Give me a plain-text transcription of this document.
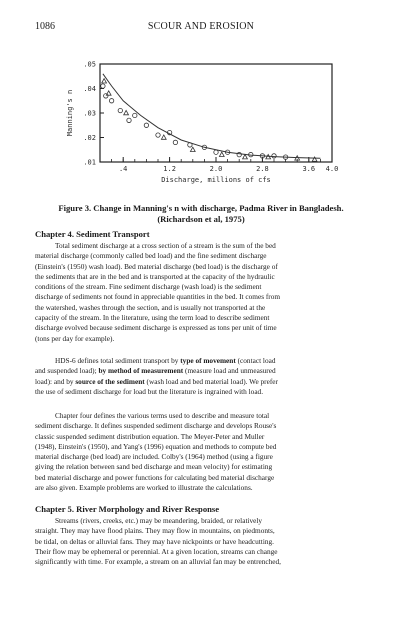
1086	SCOUR AND EROSION
.01
.02
.03
.04
.05
.4	1.2	2.0	2.8	3.6 4.0
Discharge, millions of cfs
Manning's n
Figure 3. Change in Manning's n with discharge, Padma River in Bangladesh.
(Richardson et al, 1975)
Chapter 4. Sediment Transport
Total sediment discharge at a cross section of a stream is the sum of the bed
material discharge (commonly called bed load) and the fine sediment discharge
(Einstein's (1950) wash load). Bed material discharge (bed load) is the discharge of
the sediments that are in the bed and is transported at the capacity of the hydraulic
conditions of the stream. Fine sediment discharge (wash load) is the sediment
discharge of sediments not found in appreciable quantities in the bed. It comes from
the watershed, washes through the section, and is usually not transported at the
capacity of the stream. In the literature, using the term load to describe sediment
discharge evolved because sediment discharge is expressed as tons per unit of time
(tons per day for example).
HDS-6 defines total sediment transport by type of movement (contact load
and suspended load); by method of measurement (measure load and unmeasured
load): and by source of the sediment (wash load and bed material load). We prefer
the use of sediment discharge for load but the literature is ingrained with load.
Chapter four defines the various terms used to describe and measure total
sediment discharge. It defines suspended sediment discharge and develops Rouse's
classic suspended sediment distribution equation. The Meyer-Peter and Muller
(1948), Einstein's (1950), and Yang's (1996) equation and methods to compute bed
material discharge (bed load) are included. Colby's (1964) method (using a figure
giving the relation between sand bed discharge and mean velocity) for estimating
bed material discharge and power functions for calculating bed material discharge
are also given. Example problems are worked to illustrate the calculations.
Chapter 5. River Morphology and River Response
Streams (rivers, creeks, etc.) may be meandering, braided, or relatively
straight. They may have flood plains. They may flow in mountains, on piedmonts,
be tidal, on deltas or alluvial fans. They may have nickpoints or have headcutting.
Their flow may be ephemeral or perennial. At a given location, streams can change
significantly with time. For example, a stream on an alluvial fan may be entrenched,
